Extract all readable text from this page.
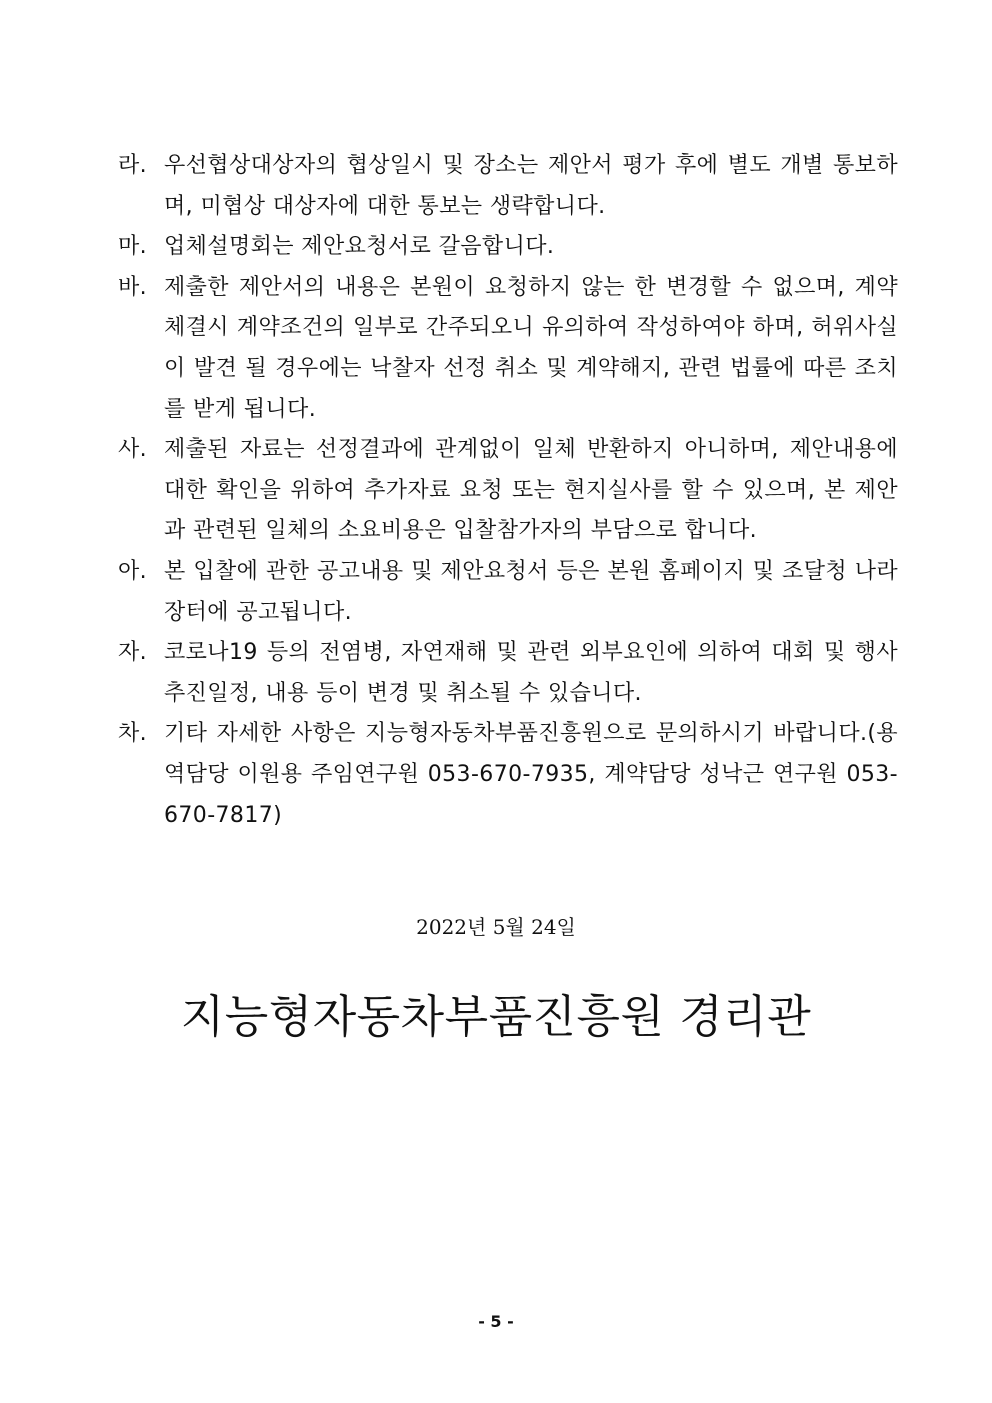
라. 우선협상대상자의 협상일시 및 장소는 제안서 평가 후에 별도 개별 통보하며, 미협상 대상자에 대한 통보는 생략합니다.
마. 업체설명회는 제안요청서로 갈음합니다.
바. 제출한 제안서의 내용은 본원이 요청하지 않는 한 변경할 수 없으며, 계약 체결시 계약조건의 일부로 간주되오니 유의하여 작성하여야 하며, 허위사실이 발견 될 경우에는 낙찰자 선정 취소 및 계약해지, 관련 법률에 따른 조치를 받게 됩니다.
사. 제출된 자료는 선정결과에 관계없이 일체 반환하지 아니하며, 제안내용에 대한 확인을 위하여 추가자료 요청 또는 현지실사를 할 수 있으며, 본 제안과 관련된 일체의 소요비용은 입찰참가자의 부담으로 합니다.
아. 본 입찰에 관한 공고내용 및 제안요청서 등은 본원 홈페이지 및 조달청 나라장터에 공고됩니다.
자. 코로나19 등의 전염병, 자연재해 및 관련 외부요인에 의하여 대회 및 행사 추진일정, 내용 등이 변경 및 취소될 수 있습니다.
차. 기타 자세한 사항은 지능형자동차부품진흥원으로 문의하시기 바랍니다.(용역담당 이원용 주임연구원 053-670-7935, 계약담당 성낙근 연구원 053-670-7817)
2022년 5월 24일
지능형자동차부품진흥원 경리관
- 5 -
